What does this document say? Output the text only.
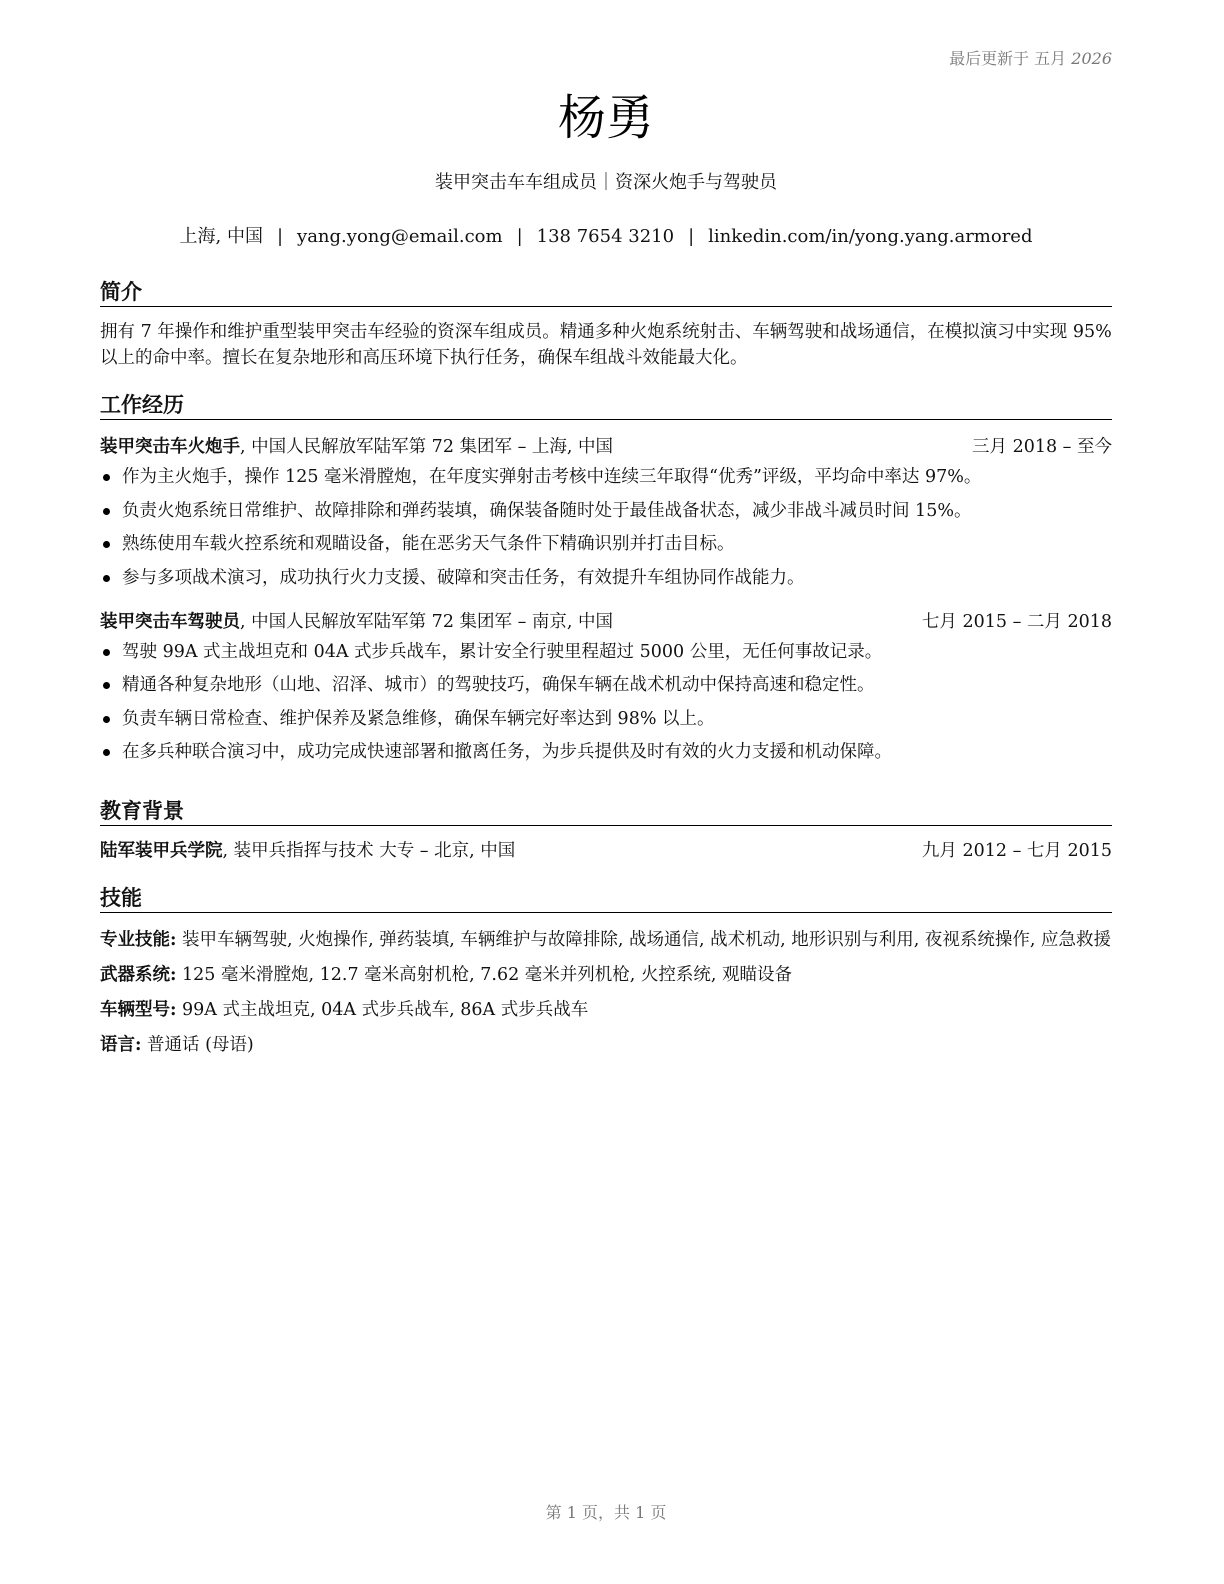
最后更新于 五月 2026
杨勇
装甲突击车车组成员｜资深火炮手与驾驶员
上海, 中国 | yang.yong@email.com | 138 7654 3210 | linkedin.com/in/yong.yang.armored
简介
拥有 7 年操作和维护重型装甲突击车经验的资深车组成员。精通多种火炮系统射击、车辆驾驶和战场通信，在模拟演习中实现 95% 以上的命中率。擅长在复杂地形和高压环境下执行任务，确保车组战斗效能最大化。
工作经历
装甲突击车火炮手, 中国人民解放军陆军第 72 集团军 – 上海, 中国	三月 2018 – 至今
作为主火炮手，操作 125 毫米滑膛炮，在年度实弹射击考核中连续三年取得“优秀”评级，平均命中率达 97%。
负责火炮系统日常维护、故障排除和弹药装填，确保装备随时处于最佳战备状态，减少非战斗减员时间 15%。
熟练使用车载火控系统和观瞄设备，能在恶劣天气条件下精确识别并打击目标。
参与多项战术演习，成功执行火力支援、破障和突击任务，有效提升车组协同作战能力。
装甲突击车驾驶员, 中国人民解放军陆军第 72 集团军 – 南京, 中国	七月 2015 – 二月 2018
驾驶 99A 式主战坦克和 04A 式步兵战车，累计安全行驶里程超过 5000 公里，无任何事故记录。
精通各种复杂地形（山地、沼泽、城市）的驾驶技巧，确保车辆在战术机动中保持高速和稳定性。
负责车辆日常检查、维护保养及紧急维修，确保车辆完好率达到 98% 以上。
在多兵种联合演习中，成功完成快速部署和撤离任务，为步兵提供及时有效的火力支援和机动保障。
教育背景
陆军装甲兵学院, 装甲兵指挥与技术 大专 – 北京, 中国	九月 2012 – 七月 2015
技能
专业技能: 装甲车辆驾驶, 火炮操作, 弹药装填, 车辆维护与故障排除, 战场通信, 战术机动, 地形识别与利用, 夜视系统操作, 应急救援
武器系统: 125 毫米滑膛炮, 12.7 毫米高射机枪, 7.62 毫米并列机枪, 火控系统, 观瞄设备
车辆型号: 99A 式主战坦克, 04A 式步兵战车, 86A 式步兵战车
语言: 普通话 (母语)
第 1 页，共 1 页
